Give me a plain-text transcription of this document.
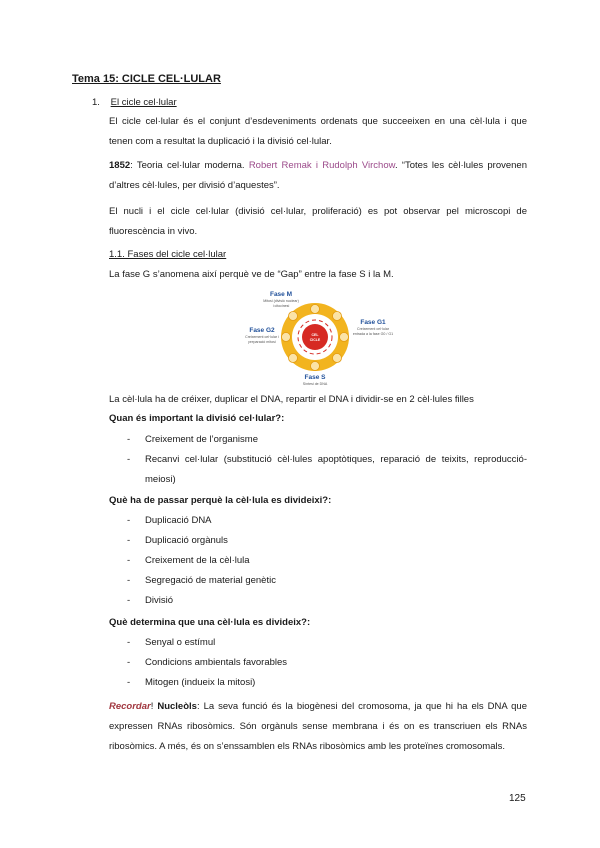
Tema 15: CICLE CEL·LULAR
1. El cicle cel·lular
El cicle cel·lular és el conjunt d’esdeveniments ordenats que succeeixen en una cèl·lula i que tenen com a resultat la duplicació i la divisió cel·lular.
1852: Teoria cel·lular moderna. Robert Remak i Rudolph Virchow. “Totes les cèl·lules provenen d’altres cèl·lules, per divisió d’aquestes”.
El nucli i el cicle cel·lular (divisió cel·lular, proliferació) es pot observar pel microscopi de fluorescència in vivo.
1.1. Fases del cicle cel·lular
La fase G s’anomena així perquè ve de “Gap” entre la fase S i la M.
CEL
CICLE
Fase M
Mitosi (divisió nuclear)
i citocinesi
Fase G1
Creixement cel·lular
entrada a la fase G0 / G1
Fase G2
Creixement cel·lular i
preparació mitosi
Fase S
Síntesi de DNA
La cèl·lula ha de créixer, duplicar el DNA, repartir el DNA i dividir-se en 2 cèl·lules filles
Quan és important la divisió cel·lular?:
- Creixement de l’organisme
- Recanvi cel·lular (substitució cèl·lules apoptòtiques, reparació de teixits, reproducció-meiosi)
Què ha de passar perquè la cèl·lula es divideixi?:
- Duplicació DNA
- Duplicació orgànuls
- Creixement de la cèl·lula
- Segregació de material genètic
- Divisió
Què determina que una cèl·lula es divideix?:
- Senyal o estímul
- Condicions ambientals favorables
- Mitogen (indueix la mitosi)
Recordar! Nucleòls: La seva funció és la biogènesi del cromosoma, ja que hi ha els DNA que expressen RNAs ribosòmics. Són orgànuls sense membrana i és on es transcriuen els RNAs ribosòmics. A més, és on s’enssamblen els RNAs ribosòmics amb les proteïnes cromosomals.
125
